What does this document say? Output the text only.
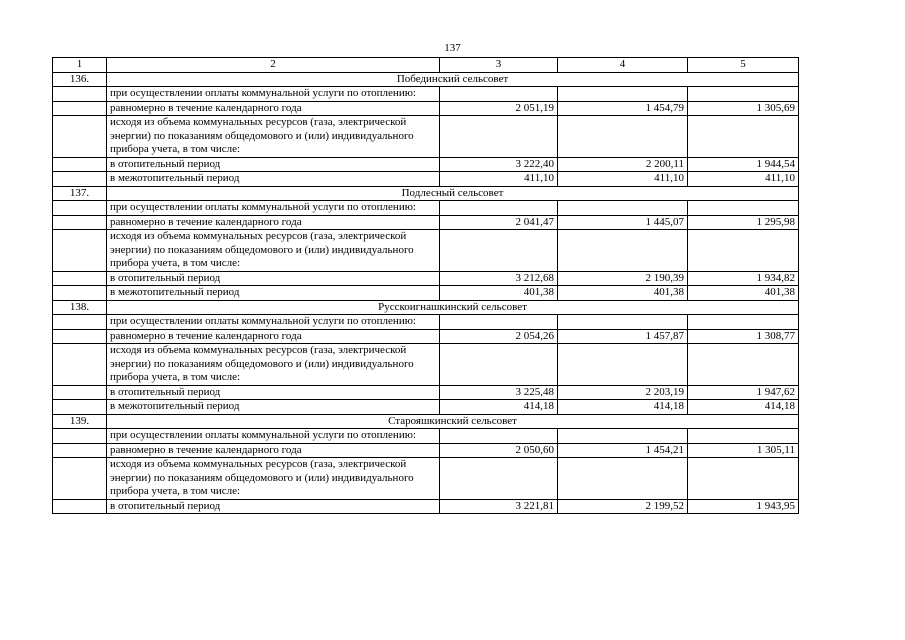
137
1	2	3	4	5
136.	Побединский сельсовет			
	при осуществлении оплаты коммунальной услуги по отоплению:			
	равномерно в течение календарного года	2 051,19	1 454,79	1 305,69
	исходя из объема коммунальных ресурсов (газа, электрической энергии) по показаниям общедомового и (или) индивидуального прибора учета, в том числе:			
	в отопительный период	3 222,40	2 200,11	1 944,54
	в межотопительный период	411,10	411,10	411,10
137.	Подлесный сельсовет			
	при осуществлении оплаты коммунальной услуги по отоплению:			
	равномерно в течение календарного года	2 041,47	1 445,07	1 295,98
	исходя из объема коммунальных ресурсов (газа, электрической энергии) по показаниям общедомового и (или) индивидуального прибора учета, в том числе:			
	в отопительный период	3 212,68	2 190,39	1 934,82
	в межотопительный период	401,38	401,38	401,38
138.	Русскоигнашкинский сельсовет			
	при осуществлении оплаты коммунальной услуги по отоплению:			
	равномерно в течение календарного года	2 054,26	1 457,87	1 308,77
	исходя из объема коммунальных ресурсов (газа, электрической энергии) по показаниям общедомового и (или) индивидуального прибора учета, в том числе:			
	в отопительный период	3 225,48	2 203,19	1 947,62
	в межотопительный период	414,18	414,18	414,18
139.	Старояшкинский сельсовет			
	при осуществлении оплаты коммунальной услуги по отоплению:			
	равномерно в течение календарного года	2 050,60	1 454,21	1 305,11
	исходя из объема коммунальных ресурсов (газа, электрической энергии) по показаниям общедомового и (или) индивидуального прибора учета, в том числе:			
	в отопительный период	3 221,81	2 199,52	1 943,95
